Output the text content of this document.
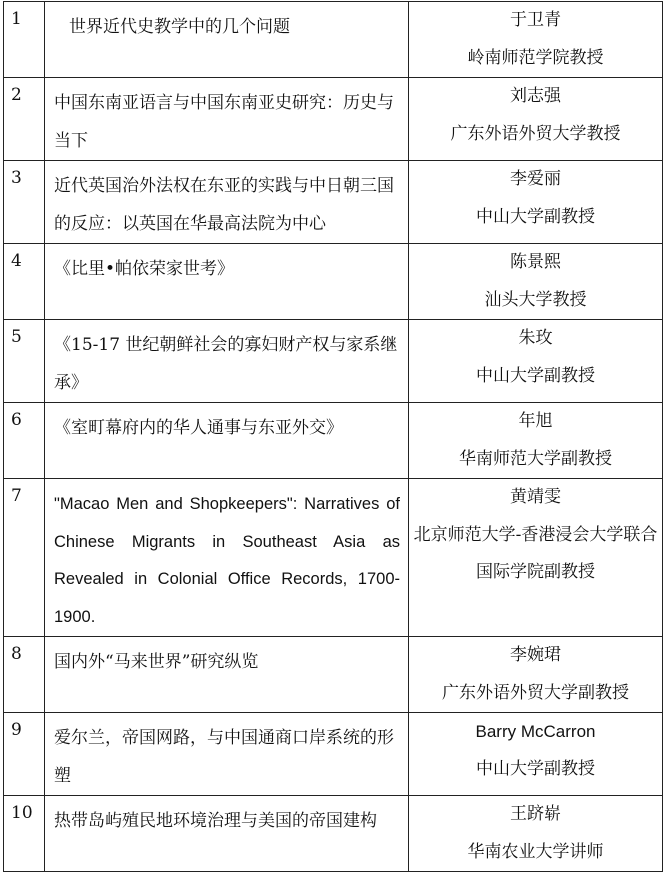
1	世界近代史教学中的几个问题	于卫青
岭南师范学院教授

2	中国东南亚语言与中国东南亚史研究：历史与当下	刘志强
广东外语外贸大学教授

3	近代英国治外法权在东亚的实践与中日朝三国的反应：以英国在华最高法院为中心	李爱丽
中山大学副教授

4	《比里•帕依荣家世考》	陈景熙
汕头大学教授

5	《15-17 世纪朝鲜社会的寡妇财产权与家系继承》	朱玫
中山大学副教授

6	《室町幕府内的华人通事与东亚外交》	年旭
华南师范大学副教授

7	"Macao Men and Shopkeepers": Narratives of Chinese Migrants in Southeast Asia as Revealed in Colonial Office Records, 1700-1900.	黄靖雯
北京师范大学-香港浸会大学联合国际学院副教授

8	国内外“马来世界”研究纵览	李婉珺
广东外语外贸大学副教授

9	爱尔兰，帝国网路，与中国通商口岸系统的形塑	Barry McCarron
中山大学副教授

10	热带岛屿殖民地环境治理与美国的帝国建构	王跻崭
华南农业大学讲师
